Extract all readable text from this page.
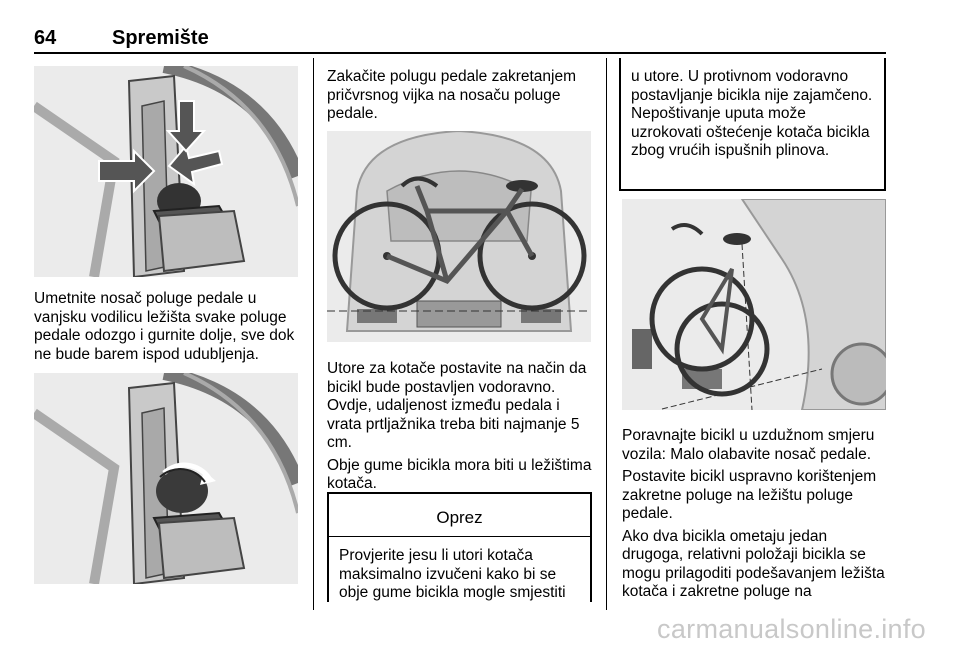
64	Spremište
Umetnite nosač poluge pedale u vanjsku vodilicu ležišta svake poluge pedale odozgo i gurnite dolje, sve dok ne bude barem ispod udubljenja.
Zakačite polugu pedale zakretanjem pričvrsnog vijka na nosaču poluge pedale.

Utore za kotače postavite na način da bicikl bude postavljen vodoravno. Ovdje, udaljenost između pedala i vrata prtljažnika treba biti najmanje 5 cm.

Obje gume bicikla mora biti u ležištima kotača.

Oprez
Provjerite jesu li utori kotača maksimalno izvučeni kako bi se obje gume bicikla mogle smjestiti
u utore. U protivnom vodoravno postavljanje bicikla nije zajamčeno. Nepoštivanje uputa može uzrokovati oštećenje kotača bicikla zbog vrućih ispušnih plinova.

Poravnajte bicikl u uzdužnom smjeru vozila: Malo olabavite nosač pedale.

Postavite bicikl uspravno korištenjem zakretne poluge na ležištu poluge pedale.

Ako dva bicikla ometaju jedan drugoga, relativni položaji bicikla se mogu prilagoditi podešavanjem ležišta kotača i zakretne poluge na

carmanualsonline.info
